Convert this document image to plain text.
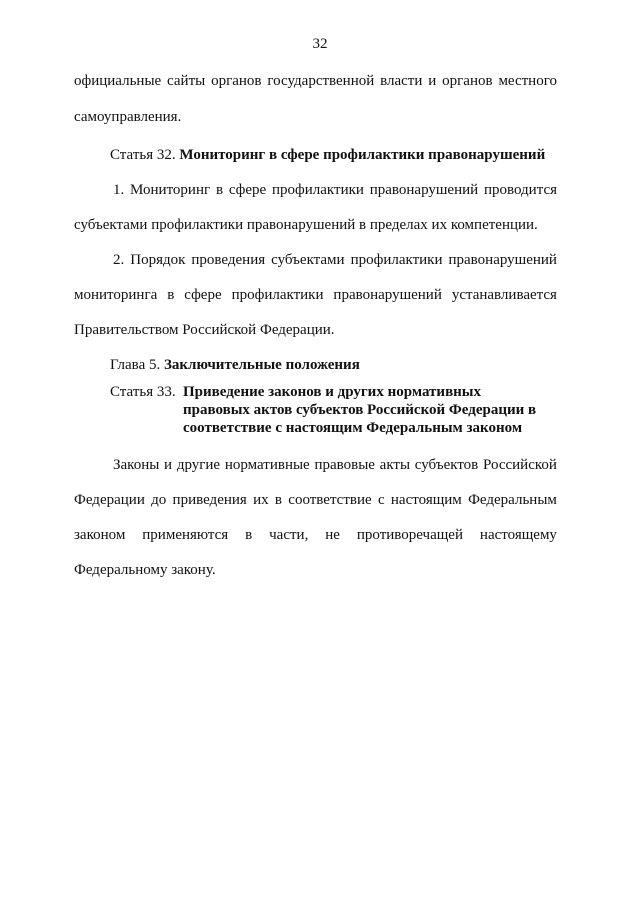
32
официальные сайты органов государственной власти и органов местного
самоуправления.
Статья 32. Мониторинг в сфере профилактики правонарушений
1. Мониторинг в сфере профилактики правонарушений проводится
субъектами профилактики правонарушений в пределах их компетенции.
2. Порядок проведения субъектами профилактики правонарушений
мониторинга в сфере профилактики правонарушений устанавливается
Правительством Российской Федерации.
Глава 5. Заключительные положения
Статья 33. Приведение законов и других нормативных
правовых актов субъектов Российской Федерации в
соответствие с настоящим Федеральным законом
Законы и другие нормативные правовые акты субъектов Российской
Федерации до приведения их в соответствие с настоящим Федеральным
законом применяются в части, не противоречащей настоящему
Федеральному закону.
